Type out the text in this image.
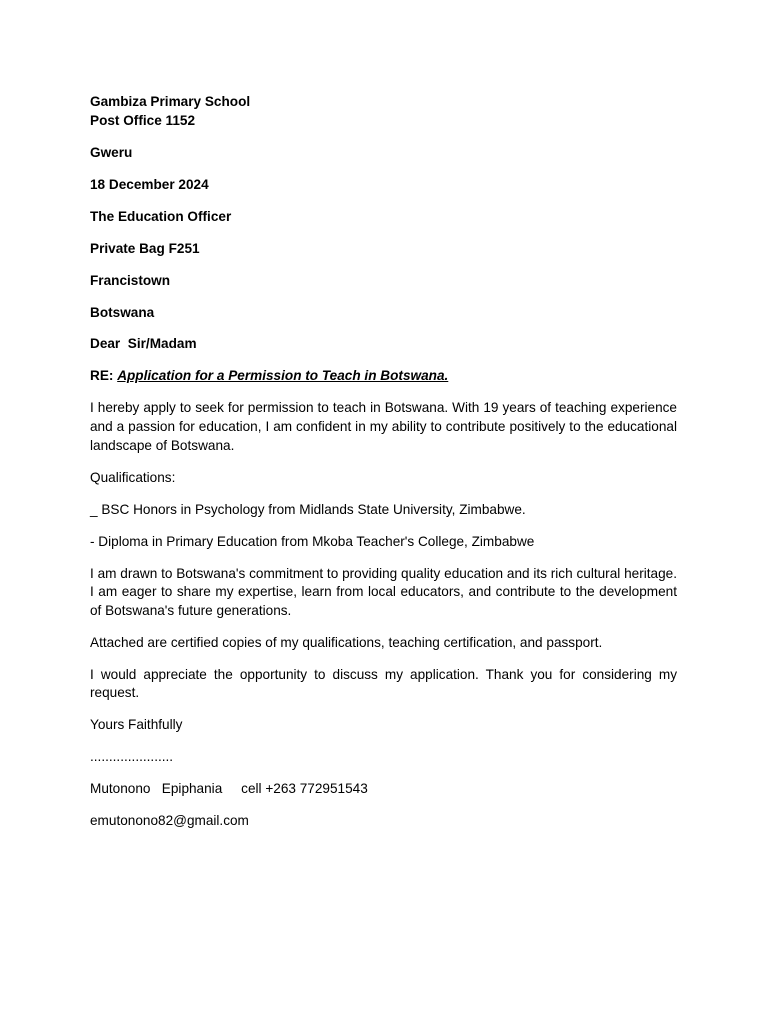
Gambiza Primary School

Post Office 1152

Gweru

18 December 2024

The Education Officer

Private Bag F251

Francistown

Botswana

Dear  Sir/Madam

RE: Application for a Permission to Teach in Botswana.

I hereby apply to seek for permission to teach in Botswana. With 19 years of teaching experience and a passion for education, I am confident in my ability to contribute positively to the educational landscape of Botswana.

Qualifications:

_ BSC Honors in Psychology from Midlands State University, Zimbabwe.

- Diploma in Primary Education from Mkoba Teacher's College, Zimbabwe

I am drawn to Botswana's commitment to providing quality education and its rich cultural heritage. I am eager to share my expertise, learn from local educators, and contribute to the development of Botswana's future generations.

Attached are certified copies of my qualifications, teaching certification, and passport.

I would appreciate the opportunity to discuss my application. Thank you for considering my request.

Yours Faithfully

......................

Mutonono   Epiphania     cell +263 772951543

emutonono82@gmail.com
